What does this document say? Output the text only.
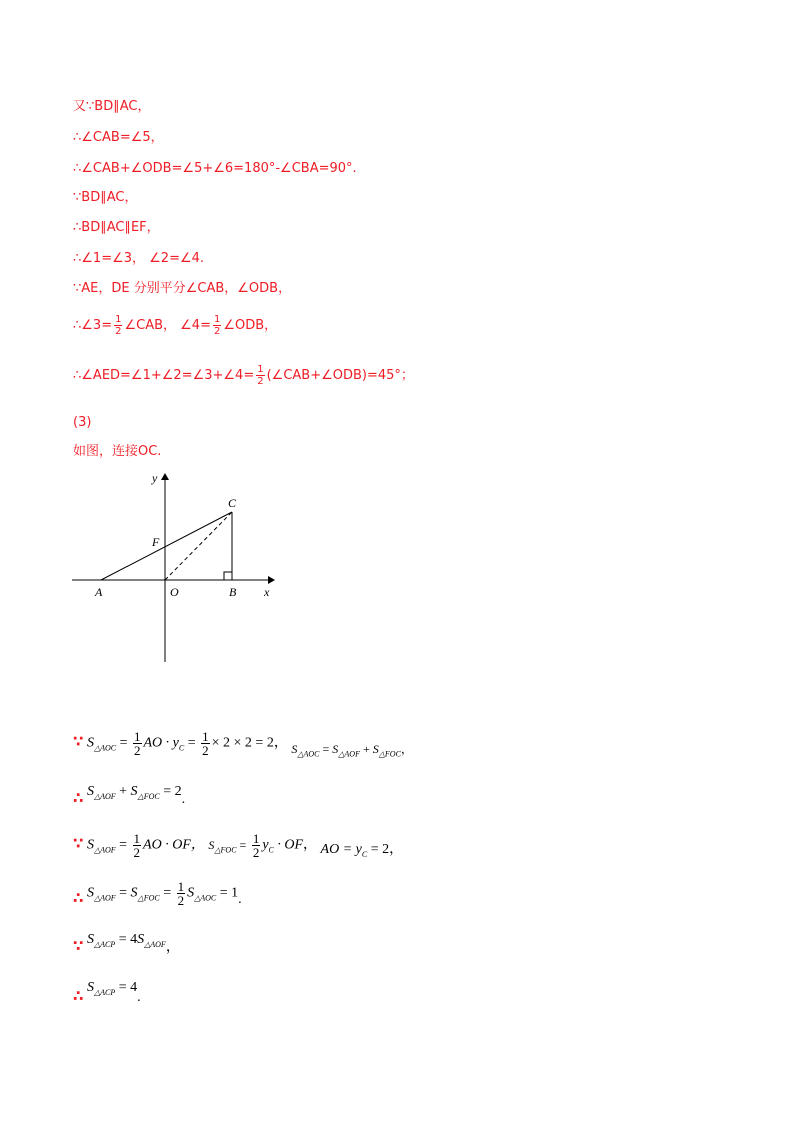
又∵BD∥AC，
∴∠CAB=∠5，
∴∠CAB+∠ODB=∠5+∠6=180°-∠CBA=90°.
∵BD∥AC，
∴BD∥AC∥EF，
∴∠1=∠3， ∠2=∠4.
∵AE，DE 分别平分∠CAB，∠ODB，
∴∠3= $\frac{1}{2}$ ∠CAB， ∠4= $\frac{1}{2}$ ∠ODB，
∴∠AED=∠1+∠2=∠3+∠4= $\frac{1}{2}$ (∠CAB+∠ODB)=45°；
(3)
如图，连接OC.
y
x
C
F
A	O	B
∵ $S_{\triangle AOC} = \frac{1}{2}$ AO · $y_C = \frac{1}{2} \times 2 \times 2 = 2$， $S_{\triangle AOC} = S_{\triangle AOF} + S_{\triangle FOC}$，
∴ $S_{\triangle AOF} + S_{\triangle FOC} = 2$.
∵ $S_{\triangle AOF} = \frac{1}{2}$ AO · OF， $S_{\triangle FOC} = \frac{1}{2} y_C$ · OF， AO = $y_C = 2$，
∴ $S_{\triangle AOF} = S_{\triangle FOC} = \frac{1}{2} S_{\triangle AOC} = 1$.
∵ $S_{\triangle ACP} = 4S_{\triangle AOF}$，
∴ $S_{\triangle ACP} = 4$.
